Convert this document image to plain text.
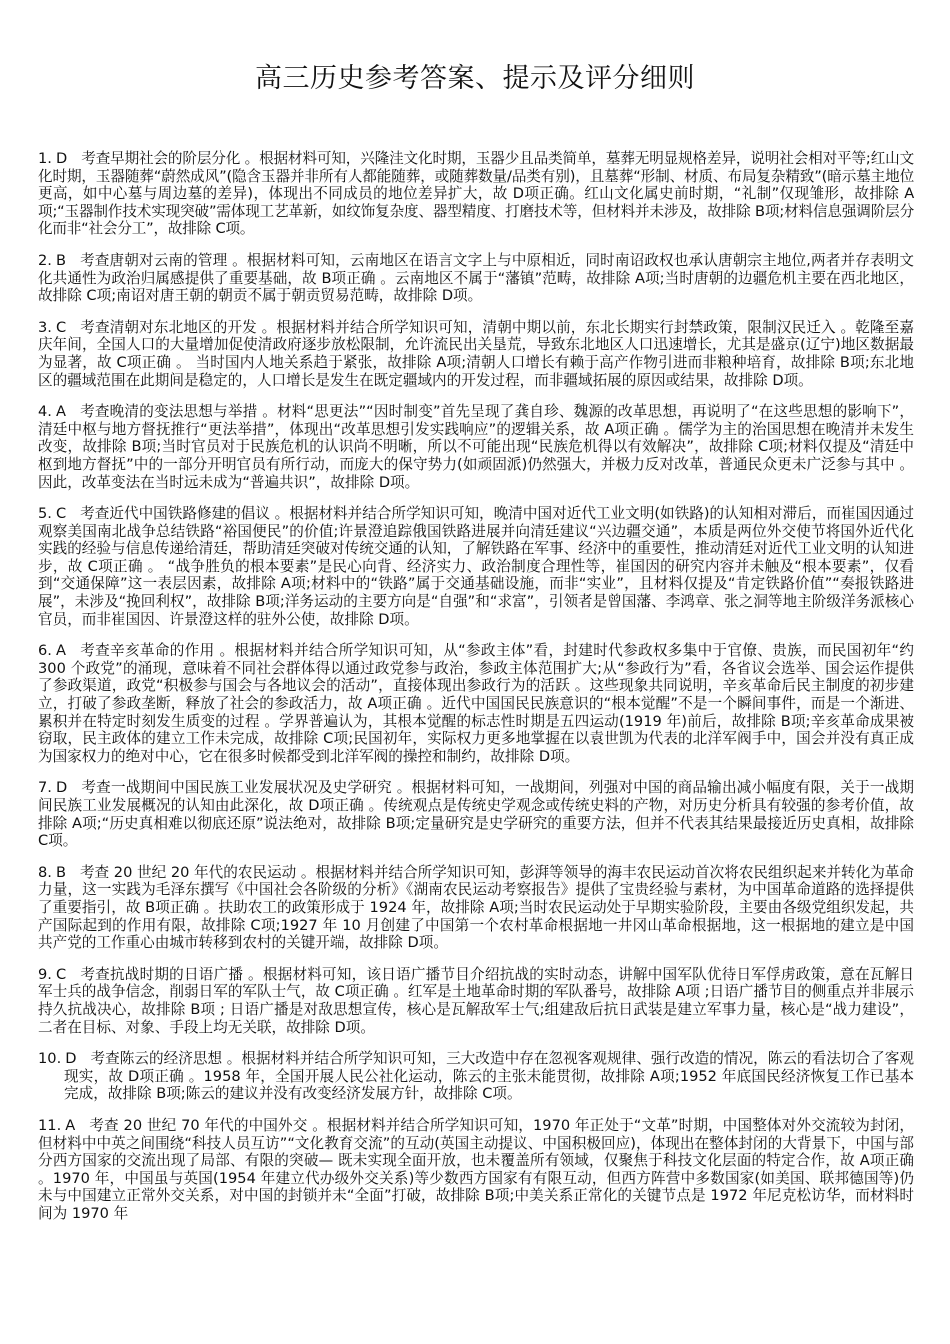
高三历史参考答案、提示及评分细则

1. D 考查早期社会的阶层分化 。根据材料可知，兴隆洼文化时期，玉器少且品类简单，墓葬无明显规格差异，说明社会相对平等;红山文化时期，玉器随葬“蔚然成风”(隐含玉器并非所有人都能随葬，或随葬数量/品类有别)，且墓葬“形制、材质、布局复杂精致”(暗示墓主地位更高，如中心墓与周边墓的差异)，体现出不同成员的地位差异扩大，故 D项正确。红山文化属史前时期，“礼制”仅现雏形，故排除 A项;“玉器制作技术实现突破”需体现工艺革新，如纹饰复杂度、器型精度、打磨技术等，但材料并未涉及，故排除 B项;材料信息强调阶层分化而非“社会分工”，故排除 C项。

2. B 考查唐朝对云南的管理 。根据材料可知，云南地区在语言文字上与中原相近，同时南诏政权也承认唐朝宗主地位,两者并存表明文化共通性为政治归属感提供了重要基础，故 B项正确 。云南地区不属于“藩镇”范畴，故排除 A项;当时唐朝的边疆危机主要在西北地区，故排除 C项;南诏对唐王朝的朝贡不属于朝贡贸易范畴，故排除 D项。

3. C 考查清朝对东北地区的开发 。根据材料并结合所学知识可知，清朝中期以前，东北长期实行封禁政策，限制汉民迁入 。乾隆至嘉庆年间，全国人口的大量增加促使清政府逐步放松限制，允许流民出关垦荒，导致东北地区人口迅速增长，尤其是盛京(辽宁)地区数据最为显著，故 C项正确 。 当时国内人地关系趋于紧张，故排除 A项;清朝人口增长有赖于高产作物引进而非粮种培育，故排除 B项;东北地区的疆域范围在此期间是稳定的，人口增长是发生在既定疆域内的开发过程，而非疆域拓展的原因或结果，故排除 D项。

4. A 考查晚清的变法思想与举措 。材料“思更法”“因时制变”首先呈现了龚自珍、魏源的改革思想，再说明了“在这些思想的影响下”，清廷中枢与地方督抚推行“更法举措”，体现出“改革思想引发实践响应”的逻辑关系，故 A项正确 。儒学为主的治国思想在晚清并未发生改变，故排除 B项;当时官员对于民族危机的认识尚不明晰，所以不可能出现“民族危机得以有效解决”，故排除 C项;材料仅提及“清廷中枢到地方督抚”中的一部分开明官员有所行动，而庞大的保守势力(如顽固派)仍然强大，并极力反对改革，普通民众更未广泛参与其中 。 因此，改革变法在当时远未成为“普遍共识”，故排除 D项。

5. C 考查近代中国铁路修建的倡议 。根据材料并结合所学知识可知，晚清中国对近代工业文明(如铁路)的认知相对滞后，而崔国因通过观察美国南北战争总结铁路“裕国便民”的价值;许景澄追踪俄国铁路进展并向清廷建议“兴边疆交通”，本质是两位外交使节将国外近代化实践的经验与信息传递给清廷，帮助清廷突破对传统交通的认知，了解铁路在军事、经济中的重要性，推动清廷对近代工业文明的认知进步，故 C项正确 。 “战争胜负的根本要素”是民心向背、经济实力、政治制度合理性等，崔国因的研究内容并未触及“根本要素”，仅看到“交通保障”这一表层因素，故排除 A项;材料中的“铁路”属于交通基础设施，而非“实业”，且材料仅提及“肯定铁路价值”“奏报铁路进展”，未涉及“挽回利权”，故排除 B项;洋务运动的主要方向是“自强”和“求富”，引领者是曾国藩、李鸿章、张之洞等地主阶级洋务派核心官员，而非崔国因、许景澄这样的驻外公使，故排除 D项。

6. A 考查辛亥革命的作用 。根据材料并结合所学知识可知，从“参政主体”看，封建时代参政权多集中于官僚、贵族，而民国初年“约 300 个政党”的涌现，意味着不同社会群体得以通过政党参与政治，参政主体范围扩大;从“参政行为”看，各省议会选举、国会运作提供了参政渠道，政党“积极参与国会与各地议会的活动”，直接体现出参政行为的活跃 。这些现象共同说明，辛亥革命后民主制度的初步建立，打破了参政垄断，释放了社会的参政活力，故 A项正确 。近代中国国民民族意识的“根本觉醒”不是一个瞬间事件，而是一个渐进、累积并在特定时刻发生质变的过程 。学界普遍认为，其根本觉醒的标志性时期是五四运动(1919 年)前后，故排除 B项;辛亥革命成果被窃取，民主政体的建立工作未完成，故排除 C项;民国初年，实际权力更多地掌握在以袁世凯为代表的北洋军阀手中，国会并没有真正成为国家权力的绝对中心，它在很多时候都受到北洋军阀的操控和制约，故排除 D项。

7. D 考查一战期间中国民族工业发展状况及史学研究 。根据材料可知，一战期间，列强对中国的商品输出减小幅度有限，关于一战期间民族工业发展概况的认知由此深化，故 D项正确 。传统观点是传统史学观念或传统史料的产物，对历史分析具有较强的参考价值，故排除 A项;“历史真相难以彻底还原”说法绝对，故排除 B项;定量研究是史学研究的重要方法，但并不代表其结果最接近历史真相，故排除 C项。

8. B 考查 20 世纪 20 年代的农民运动 。根据材料并结合所学知识可知，彭湃等领导的海丰农民运动首次将农民组织起来并转化为革命力量，这一实践为毛泽东撰写《中国社会各阶级的分析》《湖南农民运动考察报告》提供了宝贵经验与素材，为中国革命道路的选择提供了重要指引，故 B项正确 。扶助农工的政策形成于 1924 年，故排除 A项;当时农民运动处于早期实验阶段，主要由各级党组织发起，共产国际起到的作用有限，故排除 C项;1927 年 10 月创建了中国第一个农村革命根据地一井冈山革命根据地，这一根据地的建立是中国共产党的工作重心由城市转移到农村的关键开端，故排除 D项。

9. C 考查抗战时期的日语广播 。根据材料可知，该日语广播节目介绍抗战的实时动态，讲解中国军队优待日军俘虏政策，意在瓦解日军士兵的战争信念，削弱日军的军队士气，故 C项正确 。红军是土地革命时期的军队番号，故排除 A项 ;日语广播节目的侧重点并非展示持久抗战决心，故排除 B项 ; 日语广播是对敌思想宣传，核心是瓦解敌军士气;组建敌后抗日武装是建立军事力量，核心是“战力建设”，二者在目标、对象、手段上均无关联，故排除 D项。

10. D 考查陈云的经济思想 。根据材料并结合所学知识可知，三大改造中存在忽视客观规律、强行改造的情况，陈云的看法切合了客观现实，故 D项正确 。1958 年，全国开展人民公社化运动，陈云的主张未能贯彻，故排除 A项;1952 年底国民经济恢复工作已基本完成，故排除 B项;陈云的建议并没有改变经济发展方针，故排除 C项。

11. A 考查 20 世纪 70 年代的中国外交 。根据材料并结合所学知识可知，1970 年正处于“文革”时期，中国整体对外交流较为封闭，但材料中中英之间围绕“科技人员互访”“文化教育交流”的互动(英国主动提议、中国积极回应)，体现出在整体封闭的大背景下，中国与部分西方国家的交流出现了局部、有限的突破— 既未实现全面开放，也未覆盖所有领域，仅聚焦于科技文化层面的特定合作，故 A项正确 。1970 年，中国虽与英国(1954 年建立代办级外交关系)等少数西方国家有有限互动，但西方阵营中多数国家(如美国、联邦德国等)仍未与中国建立正常外交关系，对中国的封锁并未“全面”打破，故排除 B项;中美关系正常化的关键节点是 1972 年尼克松访华，而材料时间为 1970 年
